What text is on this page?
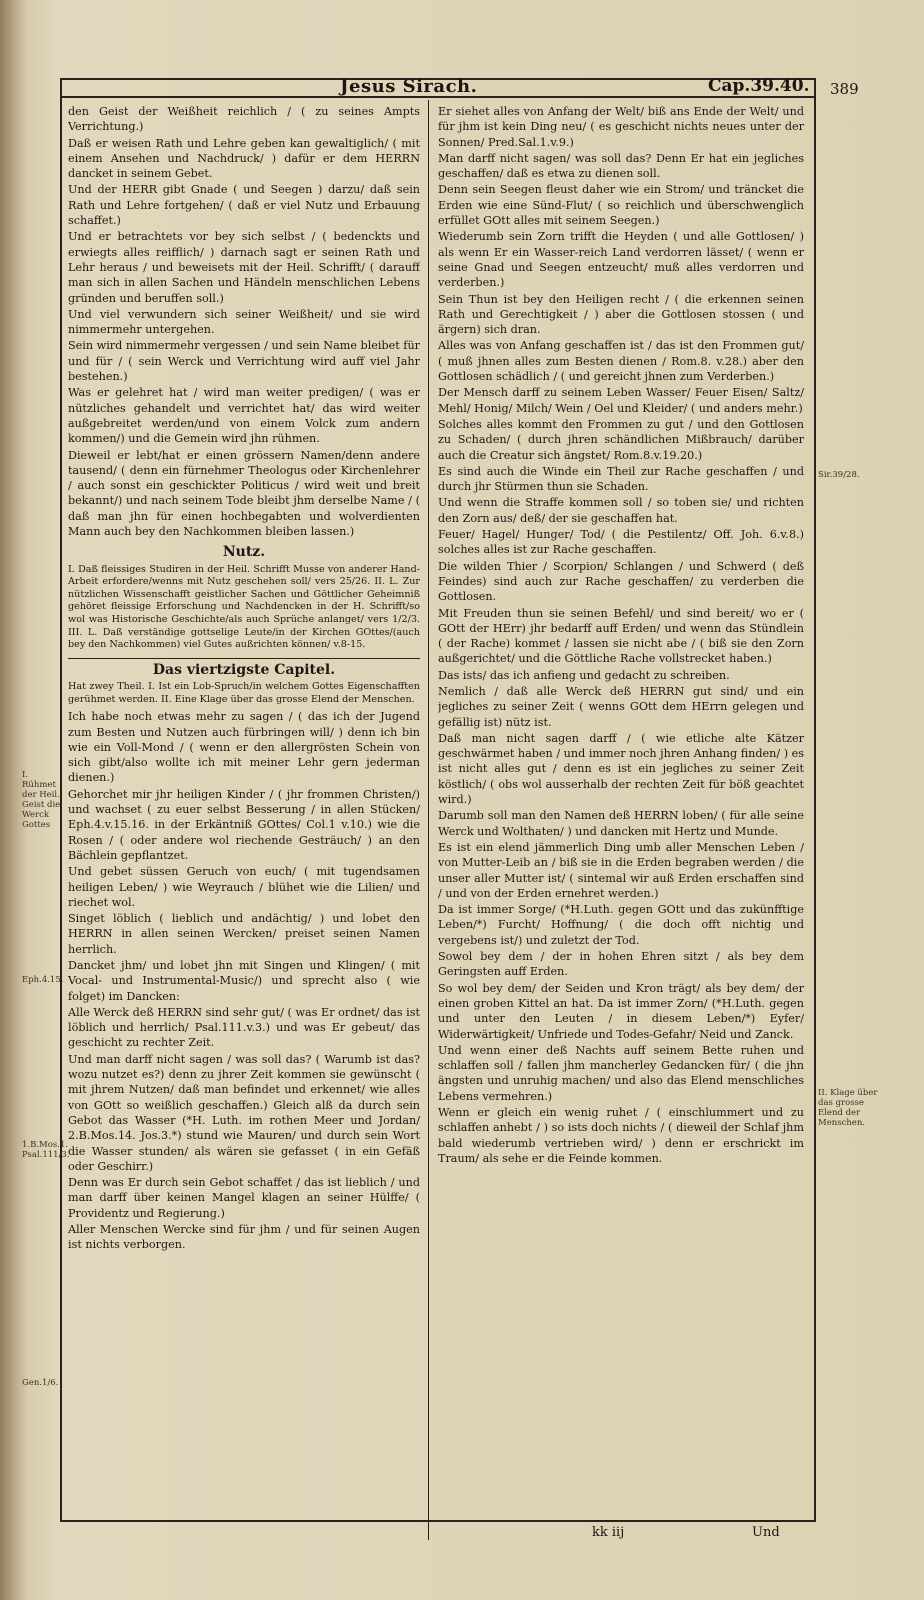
Jesus Sirach.	Cap.39.40. 389
den Geist der Weißheit reichlich / ( zu seines Ampts Verrichtung.)
Daß er weisen Rath und Lehre geben kan gewaltiglich/ ( mit einem Ansehen und Nachdruck/ ) dafür er dem HERRN dancket in seinem Gebet.
Und der HERR gibt Gnade ( und Seegen ) darzu/ daß sein Rath und Lehre fortgehen/ ( daß er viel Nutz und Erbauung schaffet.)
Und er betrachtets vor bey sich selbst / ( bedenckts und erwiegts alles reifflich/ ) darnach sagt er seinen Rath und Lehr heraus / und beweisets mit der Heil. Schrifft/ ( darauff man sich in allen Sachen und Händeln menschlichen Lebens gründen und beruffen soll.)
Und viel verwundern sich seiner Weißheit/ und sie wird nimmermehr untergehen.
Sein wird nimmermehr vergessen / und sein Name bleibet für und für / ( sein Werck und Verrichtung wird auff viel Jahr bestehen.)
Was er gelehret hat / wird man weiter predigen/ ( was er nützliches gehandelt und verrichtet hat/ das wird weiter außgebreitet werden/und von einem Volck zum andern kommen/) und die Gemein wird jhn rühmen.
Dieweil er lebt/hat er einen grössern Namen/denn andere tausend/ ( denn ein fürnehmer Theologus oder Kirchenlehrer / auch sonst ein geschickter Politicus / wird weit und breit bekannt/) und nach seinem Tode bleibt jhm derselbe Name / ( daß man jhn für einen hochbegabten und wolverdienten Mann auch bey den Nachkommen bleiben lassen.)
Nutz.
I. Daß fleissiges Studiren in der Heil. Schrifft Musse von anderer Hand-Arbeit erfordere/wenns mit Nutz geschehen soll/ vers 25/26. II. L. Zur nützlichen Wissenschafft geistlicher Sachen und Göttlicher Geheimniß gehöret fleissige Erforschung und Nachdencken in der H. Schrifft/so wol was Historische Geschichte/als auch Sprüche anlanget/ vers 1/2/3. III. L. Daß verständige gottselige Leute/in der Kirchen GOttes/(auch bey den Nachkommen) viel Gutes außrichten können/ v.8-15.
Das viertzigste Capitel.
Hat zwey Theil. I. Ist ein Lob-Spruch/in welchem Gottes Eigenschafften gerühmet werden. II. Eine Klage über das grosse Elend der Menschen.
Ich habe noch etwas mehr zu sagen / ( das ich der Jugend zum Besten und Nutzen auch fürbringen will/ ) denn ich bin wie ein Voll-Mond / ( wenn er den allergrösten Schein von sich gibt/also wollte ich mit meiner Lehr gern jederman dienen.)
Gehorchet mir jhr heiligen Kinder / ( jhr frommen Christen/) und wachset ( zu euer selbst Besserung / in allen Stücken/ Eph.4.v.15.16. in der Erkäntniß GOttes/ Col.1 v.10.) wie die Rosen / ( oder andere wol riechende Gesträuch/ ) an den Bächlein gepflantzet.
Und gebet süssen Geruch von euch/ ( mit tugendsamen heiligen Leben/ ) wie Weyrauch / blühet wie die Lilien/ und riechet wol.
Singet löblich ( lieblich und andächtig/ ) und lobet den HERRN in allen seinen Wercken/ preiset seinen Namen herrlich.
Dancket jhm/ und lobet jhn mit Singen und Klingen/ ( mit Vocal- und Instrumental-Music/) und sprecht also ( wie folget) im Dancken:
Alle Werck deß HERRN sind sehr gut/ ( was Er ordnet/ das ist löblich und herrlich/ Psal.111.v.3.) und was Er gebeut/ das geschicht zu rechter Zeit.
Und man darff nicht sagen / was soll das? ( Warumb ist das? wozu nutzet es?) denn zu jhrer Zeit kommen sie gewünscht ( mit jhrem Nutzen/ daß man befindet und erkennet/ wie alles von GOtt so weißlich geschaffen.) Gleich alß da durch sein Gebot das Wasser (*H. Luth. im rothen Meer und Jordan/ 2.B.Mos.14. Jos.3.*) stund wie Mauren/ und durch sein Wort die Wasser stunden/ als wären sie gefasset ( in ein Gefäß oder Geschirr.)
Denn was Er durch sein Gebot schaffet / das ist lieblich / und man darff über keinen Mangel klagen an seiner Hülffe/ ( Providentz und Regierung.)
Aller Menschen Wercke sind für jhm / und für seinen Augen ist nichts verborgen.
I. Rühmet der Heil. Geist die Werck Gottes
Eph.4.15.
1.B.Mos.1. Psal.111/3.
Gen.1/6.
Er siehet alles von Anfang der Welt/ biß ans Ende der Welt/ und für jhm ist kein Ding neu/ ( es geschicht nichts neues unter der Sonnen/ Pred.Sal.1.v.9.)
Man darff nicht sagen/ was soll das? Denn Er hat ein jegliches geschaffen/ daß es etwa zu dienen soll.
Denn sein Seegen fleust daher wie ein Strom/ und träncket die Erden wie eine Sünd-Flut/ ( so reichlich und überschwenglich erfüllet GOtt alles mit seinem Seegen.)
Wiederumb sein Zorn trifft die Heyden ( und alle Gottlosen/ ) als wenn Er ein Wasser-reich Land verdorren lässet/ ( wenn er seine Gnad und Seegen entzeucht/ muß alles verdorren und verderben.)
Sein Thun ist bey den Heiligen recht / ( die erkennen seinen Rath und Gerechtigkeit / ) aber die Gottlosen stossen ( und ärgern) sich dran.
Alles was von Anfang geschaffen ist / das ist den Frommen gut/ ( muß jhnen alles zum Besten dienen / Rom.8. v.28.) aber den Gottlosen schädlich / ( und gereicht jhnen zum Verderben.)
Der Mensch darff zu seinem Leben Wasser/ Feuer Eisen/ Saltz/ Mehl/ Honig/ Milch/ Wein / Oel und Kleider/ ( und anders mehr.)
Solches alles kommt den Frommen zu gut / und den Gottlosen zu Schaden/ ( durch jhren schändlichen Mißbrauch/ darüber auch die Creatur sich ängstet/ Rom.8.v.19.20.)
Es sind auch die Winde ein Theil zur Rache geschaffen / und durch jhr Stürmen thun sie Schaden.
Und wenn die Straffe kommen soll / so toben sie/ und richten den Zorn aus/ deß/ der sie geschaffen hat.
Feuer/ Hagel/ Hunger/ Tod/ ( die Pestilentz/ Off. Joh. 6.v.8.) solches alles ist zur Rache geschaffen.
Die wilden Thier / Scorpion/ Schlangen / und Schwerd ( deß Feindes) sind auch zur Rache geschaffen/ zu verderben die Gottlosen.
Mit Freuden thun sie seinen Befehl/ und sind bereit/ wo er ( GOtt der HErr) jhr bedarff auff Erden/ und wenn das Stündlein ( der Rache) kommet / lassen sie nicht abe / ( biß sie den Zorn außgerichtet/ und die Göttliche Rache vollstrecket haben.)
Das ists/ das ich anfieng und gedacht zu schreiben.
Nemlich / daß alle Werck deß HERRN gut sind/ und ein jegliches zu seiner Zeit ( wenns GOtt dem HErrn gelegen und gefällig ist) nütz ist.
Daß man nicht sagen darff / ( wie etliche alte Kätzer geschwärmet haben / und immer noch jhren Anhang finden/ ) es ist nicht alles gut / denn es ist ein jegliches zu seiner Zeit köstlich/ ( obs wol ausserhalb der rechten Zeit für böß geachtet wird.)
Darumb soll man den Namen deß HERRN loben/ ( für alle seine Werck und Wolthaten/ ) und dancken mit Hertz und Munde.
Es ist ein elend jämmerlich Ding umb aller Menschen Leben / von Mutter-Leib an / biß sie in die Erden begraben werden / die unser aller Mutter ist/ ( sintemal wir auß Erden erschaffen sind / und von der Erden ernehret werden.)
Da ist immer Sorge/ (*H.Luth. gegen GOtt und das zukünfftige Leben/*) Furcht/ Hoffnung/ ( die doch offt nichtig und vergebens ist/) und zuletzt der Tod.
Sowol bey dem / der in hohen Ehren sitzt / als bey dem Geringsten auff Erden.
So wol bey dem/ der Seiden und Kron trägt/ als bey dem/ der einen groben Kittel an hat. Da ist immer Zorn/ (*H.Luth. gegen und unter den Leuten / in diesem Leben/*) Eyfer/ Widerwärtigkeit/ Unfriede und Todes-Gefahr/ Neid und Zanck.
Und wenn einer deß Nachts auff seinem Bette ruhen und schlaffen soll / fallen jhm mancherley Gedancken für/ ( die jhn ängsten und unruhig machen/ und also das Elend menschliches Lebens vermehren.)
Wenn er gleich ein wenig ruhet / ( einschlummert und zu schlaffen anhebt / ) so ists doch nichts / ( dieweil der Schlaf jhm bald wiederumb vertrieben wird/ ) denn er erschrickt im Traum/ als sehe er die Feinde kommen.
Sir.39/28.
II. Klage über das grosse Elend der Menschen.
kk iij	Und
